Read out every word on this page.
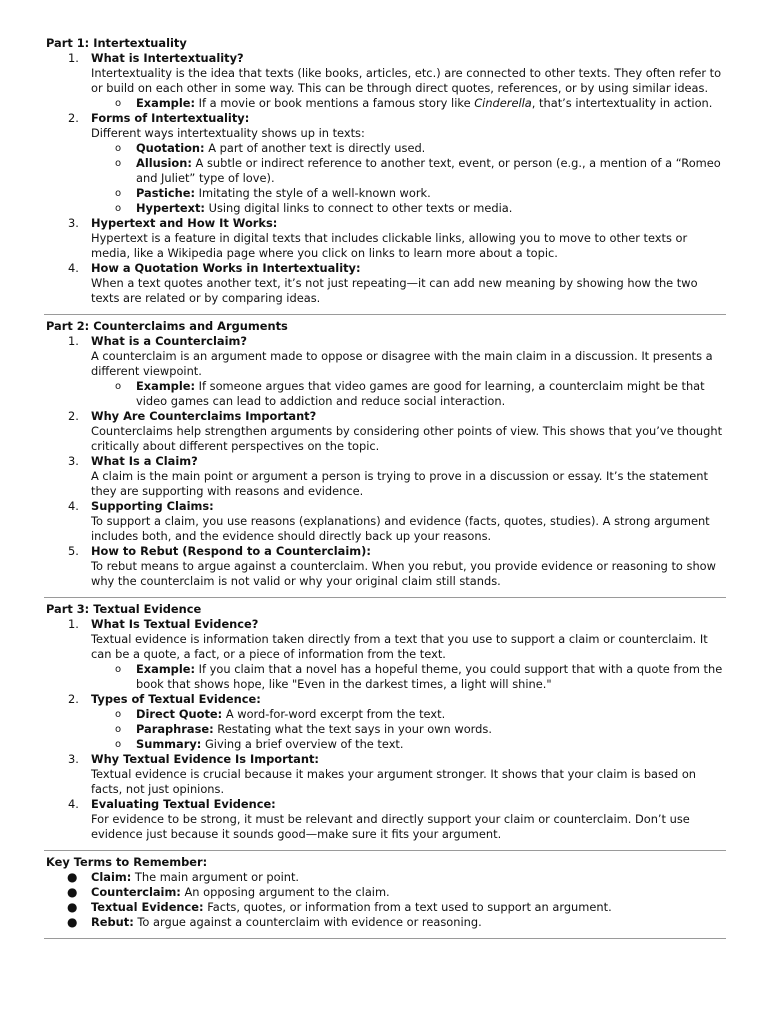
Part 1: Intertextuality
1. What is Intertextuality?
Intertextuality is the idea that texts (like books, articles, etc.) are connected to other texts. They often refer to or build on each other in some way. This can be through direct quotes, references, or by using similar ideas.
o Example: If a movie or book mentions a famous story like Cinderella, that’s intertextuality in action.
2. Forms of Intertextuality:
Different ways intertextuality shows up in texts:
o Quotation: A part of another text is directly used.
o Allusion: A subtle or indirect reference to another text, event, or person (e.g., a mention of a “Romeo and Juliet” type of love).
o Pastiche: Imitating the style of a well-known work.
o Hypertext: Using digital links to connect to other texts or media.
3. Hypertext and How It Works:
Hypertext is a feature in digital texts that includes clickable links, allowing you to move to other texts or media, like a Wikipedia page where you click on links to learn more about a topic.
4. How a Quotation Works in Intertextuality:
When a text quotes another text, it’s not just repeating—it can add new meaning by showing how the two texts are related or by comparing ideas.
Part 2: Counterclaims and Arguments
1. What is a Counterclaim?
A counterclaim is an argument made to oppose or disagree with the main claim in a discussion. It presents a different viewpoint.
o Example: If someone argues that video games are good for learning, a counterclaim might be that video games can lead to addiction and reduce social interaction.
2. Why Are Counterclaims Important?
Counterclaims help strengthen arguments by considering other points of view. This shows that you’ve thought critically about different perspectives on the topic.
3. What Is a Claim?
A claim is the main point or argument a person is trying to prove in a discussion or essay. It’s the statement they are supporting with reasons and evidence.
4. Supporting Claims:
To support a claim, you use reasons (explanations) and evidence (facts, quotes, studies). A strong argument includes both, and the evidence should directly back up your reasons.
5. How to Rebut (Respond to a Counterclaim):
To rebut means to argue against a counterclaim. When you rebut, you provide evidence or reasoning to show why the counterclaim is not valid or why your original claim still stands.
Part 3: Textual Evidence
1. What Is Textual Evidence?
Textual evidence is information taken directly from a text that you use to support a claim or counterclaim. It can be a quote, a fact, or a piece of information from the text.
o Example: If you claim that a novel has a hopeful theme, you could support that with a quote from the book that shows hope, like "Even in the darkest times, a light will shine."
2. Types of Textual Evidence:
o Direct Quote: A word-for-word excerpt from the text.
o Paraphrase: Restating what the text says in your own words.
o Summary: Giving a brief overview of the text.
3. Why Textual Evidence Is Important:
Textual evidence is crucial because it makes your argument stronger. It shows that your claim is based on facts, not just opinions.
4. Evaluating Textual Evidence:
For evidence to be strong, it must be relevant and directly support your claim or counterclaim. Don’t use evidence just because it sounds good—make sure it fits your argument.
Key Terms to Remember:
● Claim: The main argument or point.
● Counterclaim: An opposing argument to the claim.
● Textual Evidence: Facts, quotes, or information from a text used to support an argument.
● Rebut: To argue against a counterclaim with evidence or reasoning.
